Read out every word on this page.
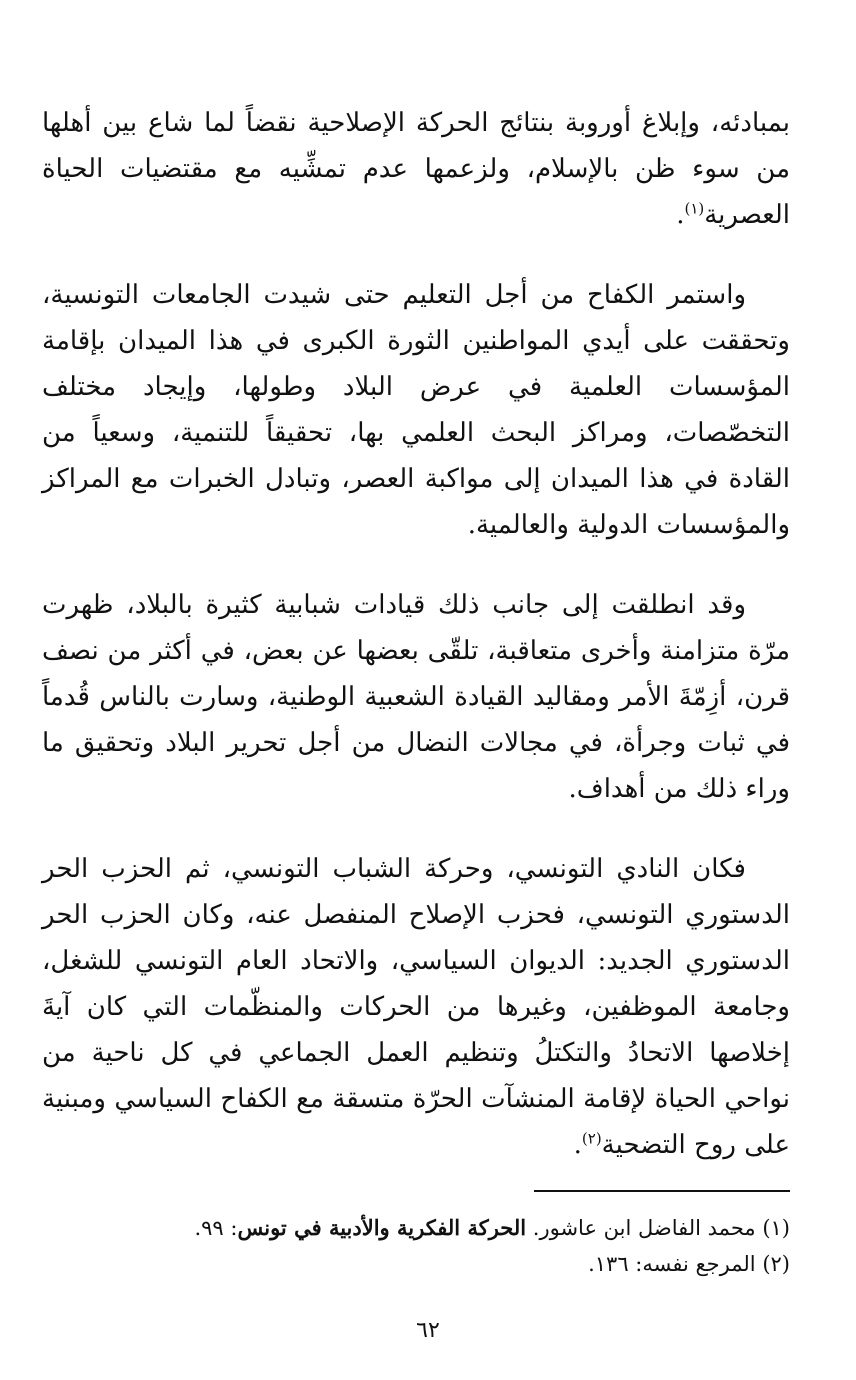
بمبادئه، وإبلاغ أوروبة بنتائج الحركة الإصلاحية نقضاً لما شاع بين أهلها من سوء ظن بالإسلام، ولزعمها عدم تمشِّيه مع مقتضيات الحياة العصرية$^{(١)}$.

واستمر الكفاح من أجل التعليم حتى شيدت الجامعات التونسية، وتحققت على أيدي المواطنين الثورة الكبرى في هذا الميدان بإقامة المؤسسات العلمية في عرض البلاد وطولها، وإيجاد مختلف التخصّصات، ومراكز البحث العلمي بها، تحقيقاً للتنمية، وسعياً من القادة في هذا الميدان إلى مواكبة العصر، وتبادل الخبرات مع المراكز والمؤسسات الدولية والعالمية.

وقد انطلقت إلى جانب ذلك قيادات شبابية كثيرة بالبلاد، ظهرت مرّة متزامنة وأخرى متعاقبة، تلقّى بعضها عن بعض، في أكثر من نصف قرن، أزِمّةَ الأمر ومقاليد القيادة الشعبية الوطنية، وسارت بالناس قُدماً في ثبات وجرأة، في مجالات النضال من أجل تحرير البلاد وتحقيق ما وراء ذلك من أهداف.

فكان النادي التونسي، وحركة الشباب التونسي، ثم الحزب الحر الدستوري التونسي، فحزب الإصلاح المنفصل عنه، وكان الحزب الحر الدستوري الجديد: الديوان السياسي، والاتحاد العام التونسي للشغل، وجامعة الموظفين، وغيرها من الحركات والمنظّمات التي كان آيةَ إخلاصها الاتحادُ والتكتلُ وتنظيم العمل الجماعي في كل ناحية من نواحي الحياة لإقامة المنشآت الحرّة متسقة مع الكفاح السياسي ومبنية على روح التضحية$^{(٢)}$.

(١) محمد الفاضل ابن عاشور. الحركة الفكرية والأدبية في تونس: ٩٩.

(٢) المرجع نفسه: ١٣٦.

٦٢
